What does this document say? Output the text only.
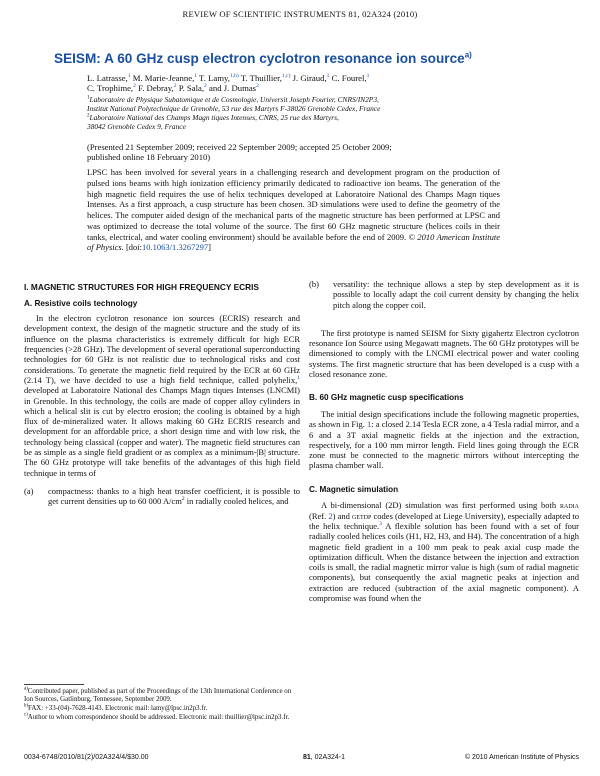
REVIEW OF SCIENTIFIC INSTRUMENTS 81, 02A324 (2010)
SEISM: A 60 GHz cusp electron cyclotron resonance ion source$^{a)}$
L. Latrasse,$^1$ M. Marie-Jeanne,$^1$ T. Lamy,$^{1,b)}$ T. Thuillier,$^{1,c)}$ J. Giraud,$^1$ C. Fourel,$^1$
C. Trophime,$^2$ F. Debray,$^2$ P. Sala,$^2$ and J. Dumas$^2$
$^1$Laboratoire de Physique Subatomique et de Cosmologie, Universit Joseph Fourier, CNRS/IN2P3,
Institut National Polytechnique de Grenoble, 53 rue des Martyrs F-38026 Grenoble Cedex, France
$^2$Laboratoire National des Champs Magn tiques Intenses, CNRS, 25 rue des Martyrs,
38042 Grenoble Cedex 9, France
(Presented 21 September 2009; received 22 September 2009; accepted 25 October 2009;
published online 18 February 2010)
LPSC has been involved for several years in a challenging research and development program on the production of pulsed ions beams with high ionization efficiency primarily dedicated to radioactive ion beams. The generation of the high magnetic field requires the use of helix techniques developed at Laboratoire National des Champs Magn tiques Intenses. As a first approach, a cusp structure has been chosen. 3D simulations were used to define the geometry of the helices. The computer aided design of the mechanical parts of the magnetic structure has been performed at LPSC and was optimized to decrease the total volume of the source. The first 60 GHz magnetic structure (helices coils in their tanks, electrical, and water cooling environment) should be available before the end of 2009. © 2010 American Institute of Physics. [doi:10.1063/1.3267297]

I. MAGNETIC STRUCTURES FOR HIGH FREQUENCY ECRIS

A. Resistive coils technology

In the electron cyclotron resonance ion sources (ECRIS) research and development context, the design of the magnetic structure and the study of its influence on the plasma characteristics is extremely difficult for high ECR frequencies (>28 GHz). The development of several operational superconducting technologies for 60 GHz is not realistic due to technological risks and cost considerations. To generate the magnetic field required by the ECR at 60 GHz (2.14 T), we have decided to use a high field technique, called polyhelix,$^1$ developed at Laboratoire National des Champs Magn tiques Intenses (LNCMI) in Grenoble. In this technology, the coils are made of copper alloy cylinders in which a helical slit is cut by electro erosion; the cooling is obtained by a high flux of de-mineralized water. It allows making 60 GHz ECRIS research and development for an affordable price, a short design time and with low risk, the technology being classical (copper and water). The magnetic field structures can be as simple as a single field gradient or as complex as a minimum-|B| structure. The 60 GHz prototype will take benefits of the advantages of this high field technique in terms of

(a)	compactness: thanks to a high heat transfer coefficient, it is possible to get current densities up to 60 000 $A/cm^2$ in radially cooled helices, and

$^{a)}$Contributed paper, published as part of the Proceedings of the 13th International Conference on Ion Sources, Gatlinburg, Tennessee, September 2009.

$^{b)}$FAX: +33-(04)-7628-4143. Electronic mail: lamy@lpsc.in2p3.fr.

$^{c)}$Author to whom correspondence should be addressed. Electronic mail: thuillier@lpsc.in2p3.fr.

(b)	versatility: the technique allows a step by step development as it is possible to locally adapt the coil current density by changing the helix pitch along the copper coil.

The first prototype is named SEISM for Sixty gigahertz Electron cyclotron resonance Ion Source using Megawatt magnets. The 60 GHz prototypes will be dimensioned to comply with the LNCMI electrical power and water cooling systems. The first magnetic structure that has been developed is a cusp with a closed resonance zone.

B. 60 GHz magnetic cusp specifications

The initial design specifications include the following magnetic properties, as shown in Fig. 1: a closed 2.14 Tesla ECR zone, a 4 Tesla radial mirror, and a 6 and a 3T axial magnetic fields at the injection and the extraction, respectively, for a 100 mm mirror length. Field lines going through the ECR zone must be connected to the magnetic mirrors without intercepting the plasma chamber wall.

C. Magnetic simulation

A bi-dimensional (2D) simulation was first performed using both radia (Ref. 2) and getdp codes (developed at Liege University), especially adapted to the helix technique.$^3$ A flexible solution has been found with a set of four radially cooled helices coils (H1, H2, H3, and H4). The concentration of a high magnetic field gradient in a 100 mm peak to peak axial cusp made the optimization difficult. When the distance between the injection and extraction coils is small, the radial magnetic mirror value is high (sum of radial magnetic components), but consequently the axial magnetic peaks at injection and extraction are reduced (subtraction of the axial magnetic component). A compromise was found when the

0034-6748/2010/81(2)/02A324/4/$30.00	81, 02A324-1	© 2010 American Institute of Physics
